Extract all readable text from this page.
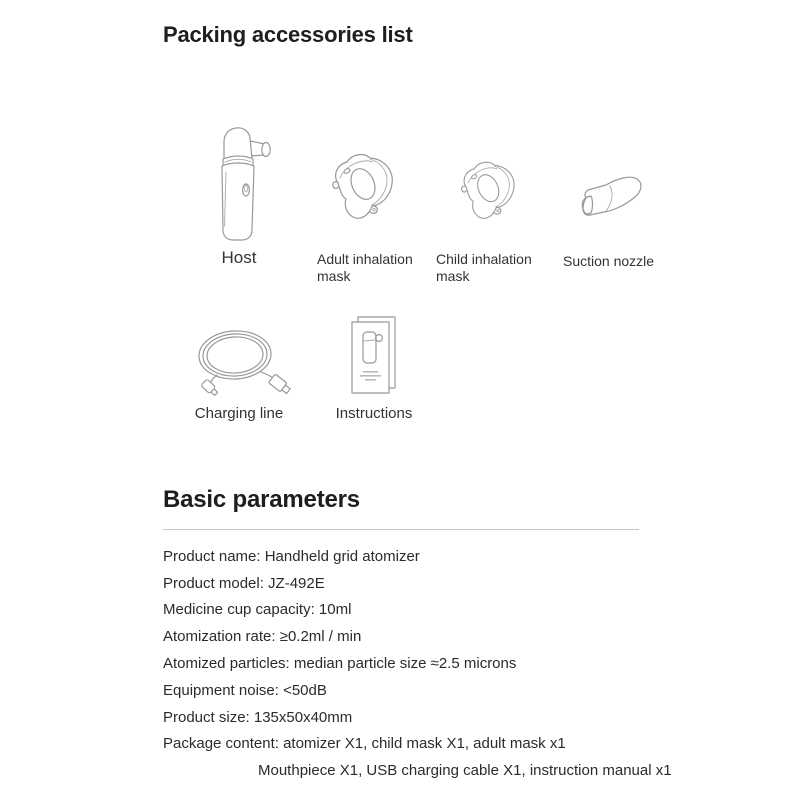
Packing accessories list
Host	Adult inhalation mask
Child inhalation mask
Suction nozzle
Charging line	Instructions
Basic parameters
Product name: Handheld grid atomizer
Product model: JZ-492E
Medicine cup capacity: 10ml
Atomization rate: ≥0.2ml / min
Atomized particles: median particle size ≈2.5 microns
Equipment noise: <50dB
Product size: 135x50x40mm
Package content: atomizer X1, child mask X1, adult mask x1
Mouthpiece X1, USB charging cable X1, instruction manual x1
